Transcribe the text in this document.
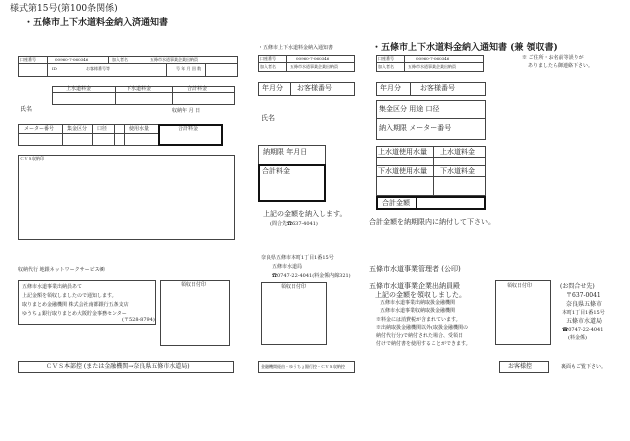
様式第15号(第100条関係)
・五條市上下水道料金納入済通知書
口座番号	00960-7-060346	加入者名	五條市水道事業企業出納員
ID	お客様番号等	号 年 月 回 数
上水道料金	下水道料金	合計料金
氏名	収納年 月 日
メーター番号	集金区分 口径	使用水量	合計料金
ＣＶＳ収納印
収納代行 地銀ネットワークサービス㈱
五條市水道事業出納員あて
上記金額を領収しましたので通知します。
取りまとめ金融機関 株式会社南都銀行五条支店
ゆうちょ銀行取りまとめ大阪貯金事務センター
(〒528-8794)
領収日付印
ＣＶＳ本部控 (または金融機関→奈良県五條市水道局)
・五條市上下水道料金納入通知書
口座番号	00960-7-060346
加入者名	五條市水道事業企業出納員
年月分 お客様番号
氏名
納期限 年月日
合計料金
上記の金額を納入します。
(問合先☎637-4041)
奈良県五條市本町1丁目1番15号
五條市水道局
☎0747-22-4041(料金係内線321)
領収日付印
金融機関経由・ゆうちょ銀行控・ＣＶＳ収納控
・五條市上下水道料金納入通知書 (兼 領収書)
口座番号	00960-7-060346
加入者名	五條市水道事業企業出納員
※ ご住所・お名前等誤りが
ありましたら御連絡下さい。
年月分	お客様番号
集金区分 用途 口径
納入期限 メーター番号
上水道使用水量 上水道料金
下水道使用水量 下水道料金
合計金額
合計金額を納期限内に納付して下さい。
五條市水道事業管理者 (公印)
五條市水道事業企業出納員殿
上記の金額を領収しました。
五條市水道事業出納取扱金融機関
五條市水道事業収納取扱金融機関
※料金には消費税が含まれています。
※出納取扱金融機関以外(取扱金融機関の
納付代行分)で納付された場合、受領日
付けで納付書を使用することができます。
領収日付印	(お問合せ先)
〒637-0041
奈良県五條市
本町1丁目1番15号
五條市水道局
☎0747-22-4041
(料金係)
お客様控	裏面もご覧下さい。
